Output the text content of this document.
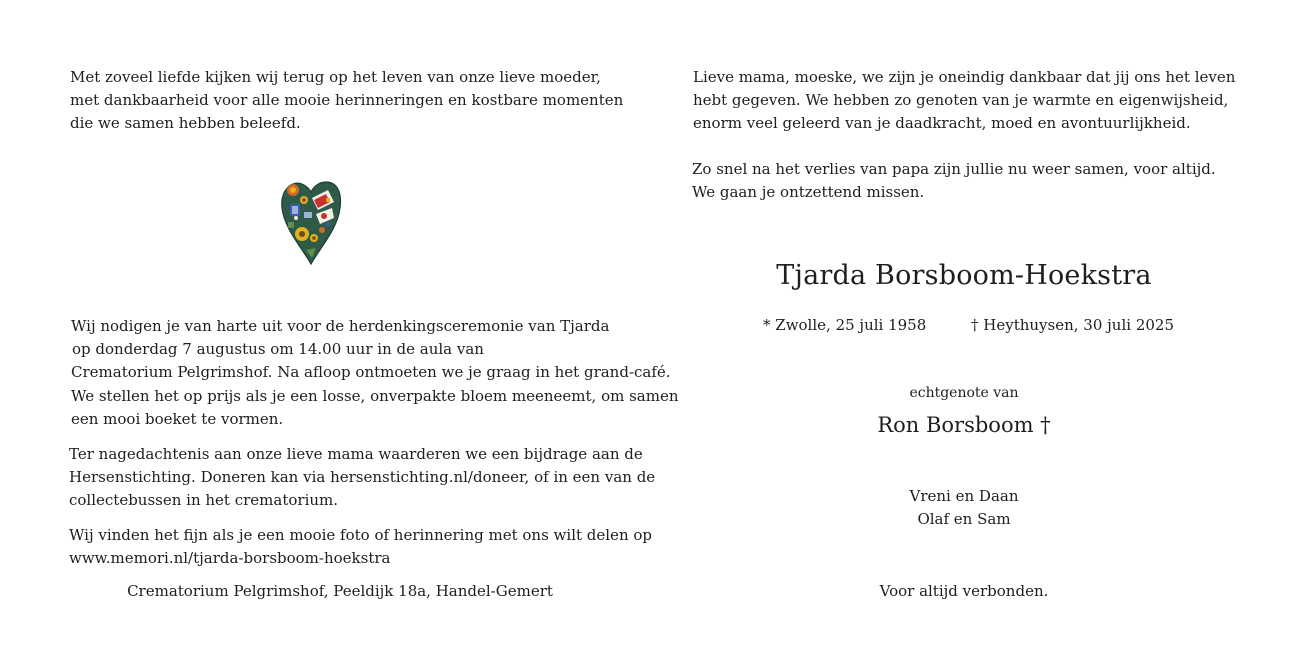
Met zoveel liefde kijken wij terug op het leven van onze lieve moeder,
met dankbaarheid voor alle mooie herinneringen en kostbare momenten
die we samen hebben beleefd.

Wij nodigen je van harte uit voor de herdenkingsceremonie van Tjarda
op donderdag 7 augustus om 14.00 uur in de aula van
Crematorium Pelgrimshof. Na afloop ontmoeten we je graag in het grand-café.
We stellen het op prijs als je een losse, onverpakte bloem meeneemt, om samen
een mooi boeket te vormen.

Ter nagedachtenis aan onze lieve mama waarderen we een bijdrage aan de
Hersenstichting. Doneren kan via hersenstichting.nl/doneer, of in een van de
collectebussen in het crematorium.

Wij vinden het fijn als je een mooie foto of herinnering met ons wilt delen op
www.memori.nl/tjarda-borsboom-hoekstra

Crematorium Pelgrimshof, Peeldijk 18a, Handel-Gemert

Lieve mama, moeske, we zijn je oneindig dankbaar dat jij ons het leven
hebt gegeven. We hebben zo genoten van je warmte en eigenwijsheid,
enorm veel geleerd van je daadkracht, moed en avontuurlijkheid.

Zo snel na het verlies van papa zijn jullie nu weer samen, voor altijd.
We gaan je ontzettend missen.

Tjarda Borsboom-Hoekstra

* Zwolle, 25 juli 1958	† Heythuysen, 30 juli 2025

echtgenote van

Ron Borsboom †

Vreni en Daan
Olaf en Sam

Voor altijd verbonden.
